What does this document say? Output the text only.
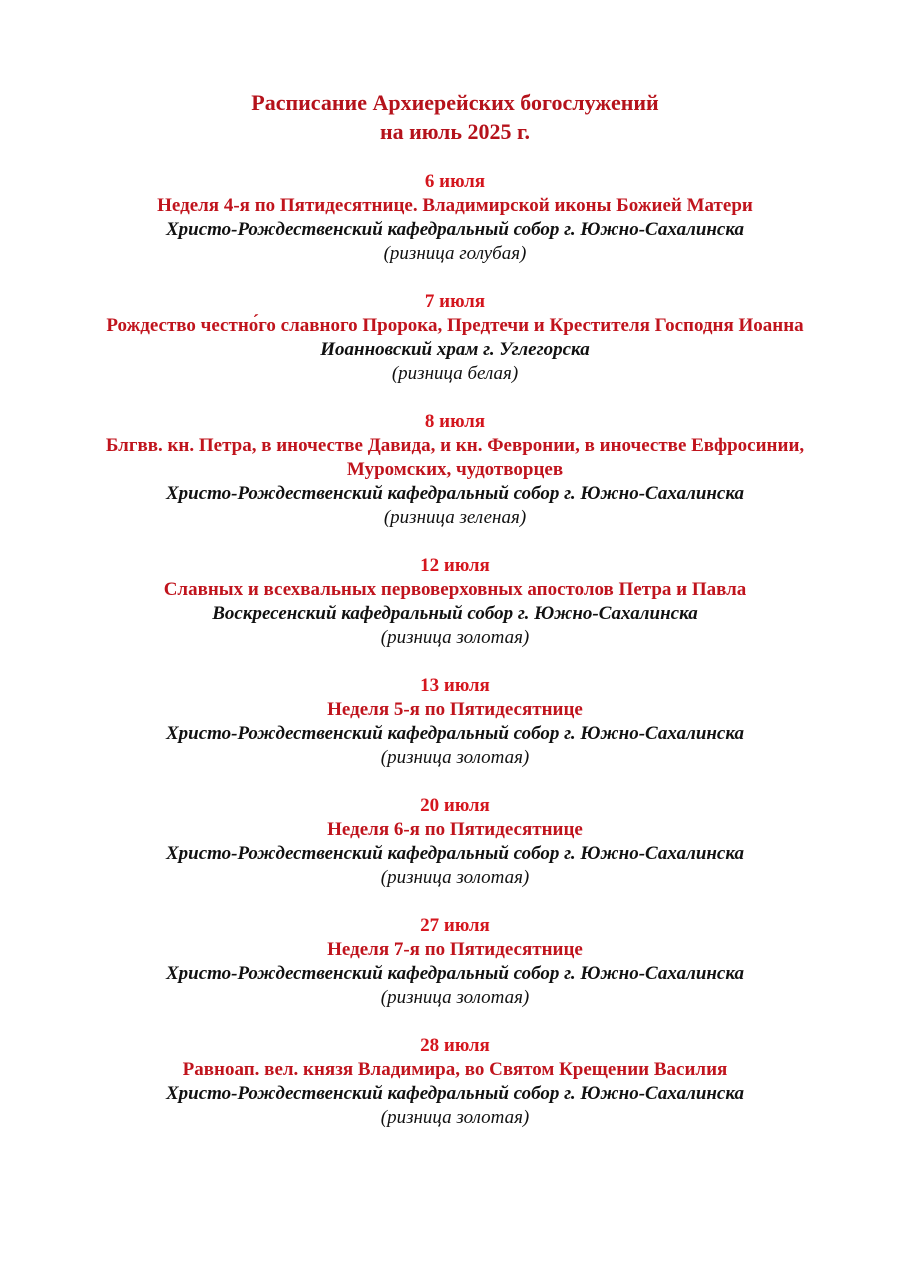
Расписание Архиерейских богослужений
на июль 2025 г.
6 июля
Неделя 4-я по Пятидесятнице. Владимирской иконы Божией Матери
Христо-Рождественский кафедральный собор г. Южно-Сахалинска
(ризница голубая)
7 июля
Рождество честно́го славного Пророка, Предтечи и Крестителя Господня Иоанна
Иоанновский храм г. Углегорска
(ризница белая)
8 июля
Блгвв. кн. Петра, в иночестве Давида, и кн. Февронии, в иночестве Евфросинии, Муромских, чудотворцев
Христо-Рождественский кафедральный собор г. Южно-Сахалинска
(ризница зеленая)
12 июля
Славных и всехвальных первоверховных апостолов Петра и Павла
Воскресенский кафедральный собор г. Южно-Сахалинска
(ризница золотая)
13 июля
Неделя 5-я по Пятидесятнице
Христо-Рождественский кафедральный собор г. Южно-Сахалинска
(ризница золотая)
20 июля
Неделя 6-я по Пятидесятнице
Христо-Рождественский кафедральный собор г. Южно-Сахалинска
(ризница золотая)
27 июля
Неделя 7-я по Пятидесятнице
Христо-Рождественский кафедральный собор г. Южно-Сахалинска
(ризница золотая)
28 июля
Равноап. вел. князя Владимира, во Святом Крещении Василия
Христо-Рождественский кафедральный собор г. Южно-Сахалинска
(ризница золотая)
